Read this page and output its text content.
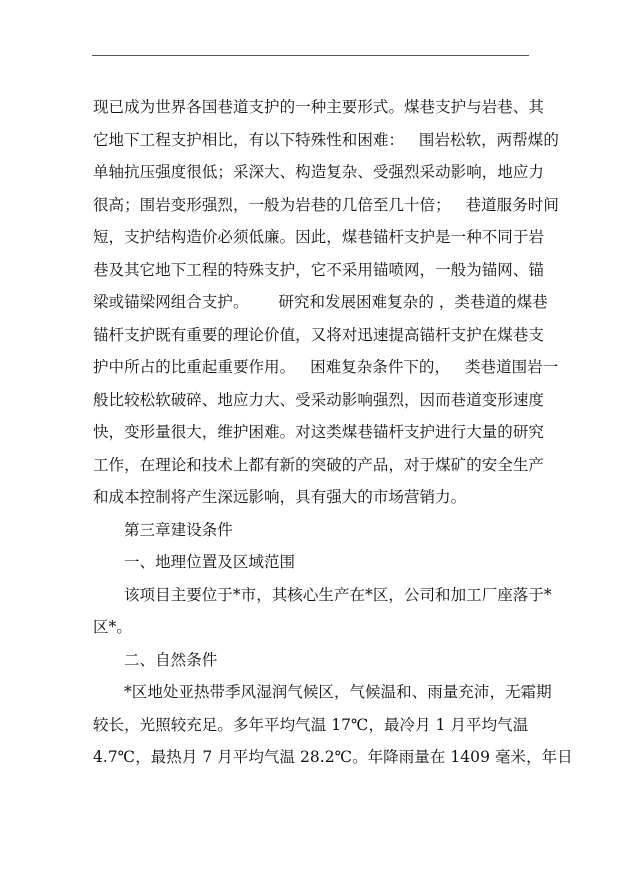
现已成为世界各国巷道支护的一种主要形式。煤巷支护与岩巷、其
它地下工程支护相比，有以下特殊性和困难：   围岩松软，两帮煤的
单轴抗压强度很低；采深大、构造复杂、受强烈采动影响，地应力
很高；围岩变形强烈，一般为岩巷的几倍至几十倍；   巷道服务时间
短，支护结构造价必须低廉。因此，煤巷锚杆支护是一种不同于岩
巷及其它地下工程的特殊支护，它不采用锚喷网，一般为锚网、锚
梁或锚梁网组合支护。      研究和发展困难复杂的 ，类巷道的煤巷
锚杆支护既有重要的理论价值，又将对迅速提高锚杆支护在煤巷支
护中所占的比重起重要作用。   困难复杂条件下的，   类巷道围岩一
般比较松软破碎、地应力大、受采动影响强烈，因而巷道变形速度
快，变形量很大，维护困难。对这类煤巷锚杆支护进行大量的研究
工作，在理论和技术上都有新的突破的产品，对于煤矿的安全生产
和成本控制将产生深远影响，具有强大的市场营销力。
第三章建设条件
一、地理位置及区域范围
该项目主要位于*市，其核心生产在*区，公司和加工厂座落于*
区*。
二、自然条件
*区地处亚热带季风湿润气候区，气候温和、雨量充沛，无霜期
较长，光照较充足。多年平均气温 17℃，最冷月 1 月平均气温
4.7℃，最热月 7 月平均气温 28.2℃。年降雨量在 1409 毫米，年日
